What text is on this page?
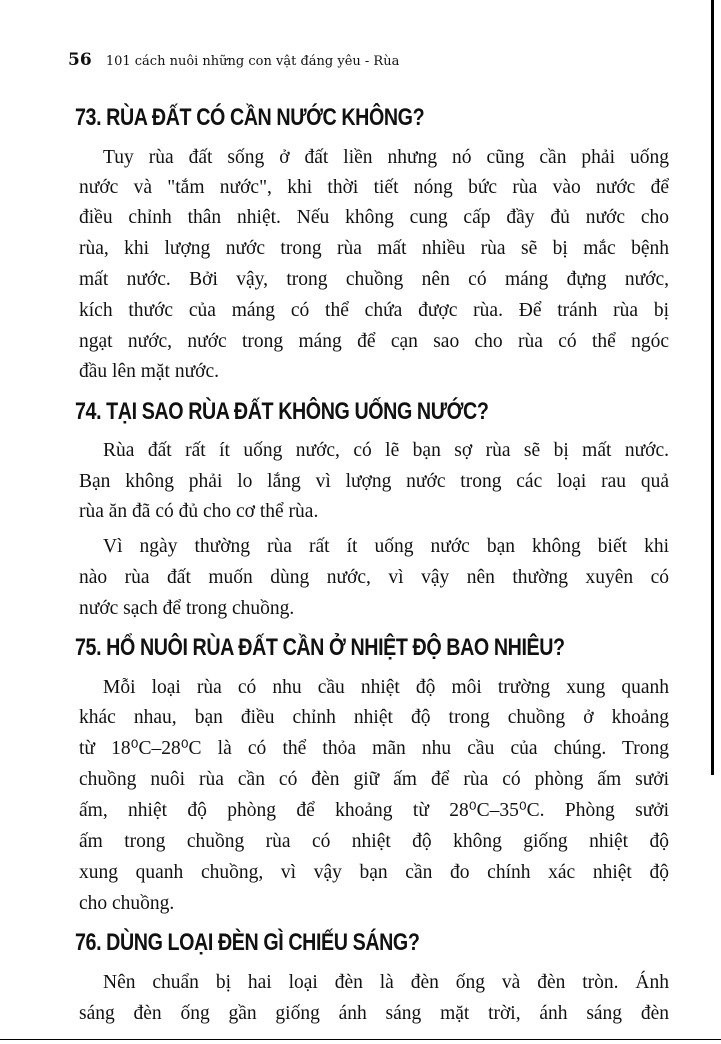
56 101 cách nuôi những con vật đáng yêu - Rùa
73. RÙA ĐẤT CÓ CẦN NƯỚC KHÔNG?
Tuy rùa đất sống ở đất liền nhưng nó cũng cần phải uống
nước và "tắm nước", khi thời tiết nóng bức rùa vào nước để
điều chỉnh thân nhiệt. Nếu không cung cấp đầy đủ nước cho
rùa, khi lượng nước trong rùa mất nhiều rùa sẽ bị mắc bệnh
mất nước. Bởi vậy, trong chuồng nên có máng đựng nước,
kích thước của máng có thể chứa được rùa. Để tránh rùa bị
ngạt nước, nước trong máng để cạn sao cho rùa có thể ngóc
đầu lên mặt nước.
74. TẠI SAO RÙA ĐẤT KHÔNG UỐNG NƯỚC?
Rùa đất rất ít uống nước, có lẽ bạn sợ rùa sẽ bị mất nước.
Bạn không phải lo lắng vì lượng nước trong các loại rau quả
rùa ăn đã có đủ cho cơ thể rùa.
Vì ngày thường rùa rất ít uống nước bạn không biết khi
nào rùa đất muốn dùng nước, vì vậy nên thường xuyên có
nước sạch để trong chuồng.
75. HỔ NUÔI RÙA ĐẤT CẦN Ở NHIỆT ĐỘ BAO NHIÊU?
Mỗi loại rùa có nhu cầu nhiệt độ môi trường xung quanh
khác nhau, bạn điều chỉnh nhiệt độ trong chuồng ở khoảng
từ 18⁰C–28⁰C là có thể thỏa mãn nhu cầu của chúng. Trong
chuồng nuôi rùa cần có đèn giữ ấm để rùa có phòng ấm sưởi
ấm, nhiệt độ phòng để khoảng từ 28⁰C–35⁰C. Phòng sưởi
ấm trong chuồng rùa có nhiệt độ không giống nhiệt độ
xung quanh chuồng, vì vậy bạn cần đo chính xác nhiệt độ
cho chuồng.
76. DÙNG LOẠI ĐÈN GÌ CHIẾU SÁNG?
Nên chuẩn bị hai loại đèn là đèn ống và đèn tròn. Ánh
sáng đèn ống gần giống ánh sáng mặt trời, ánh sáng đèn
